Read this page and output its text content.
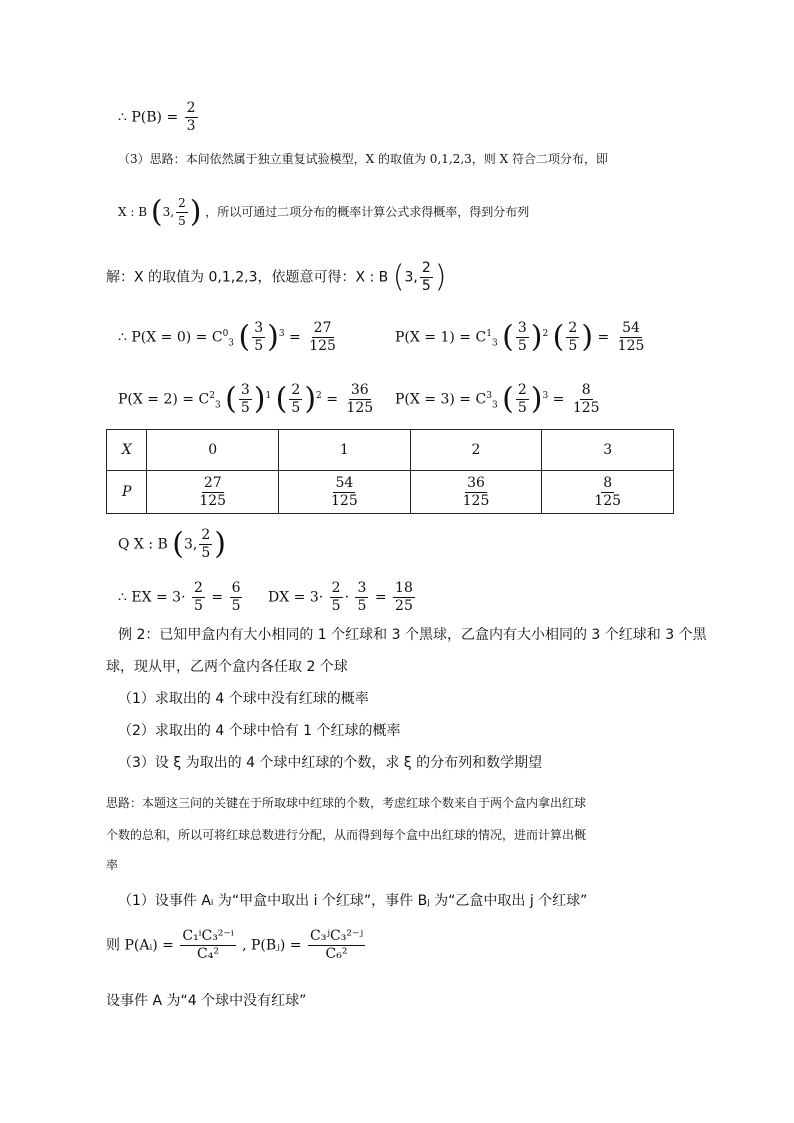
∴ $P(B) = \frac{2}{3}$
（3）思路：本问依然属于独立重复试验模型，X 的取值为 0,1,2,3，则 X 符合二项分布，即
X : B (3, $\frac{2}{5}$ ) ，所以可通过二项分布的概率计算公式求得概率，得到分布列
解：X 的取值为 0,1,2,3，依题意可得：X : B (3, $\frac{2}{5}$ )
∴ $P(X = 0) = C^0_3$ ( $\frac{3}{5} )^3 = \frac{27}{125}$	$P(X = 1) = C^1_3$ ( $\frac{3}{5} )^2$ ( $\frac{2}{5}$ ) = $\frac{54}{125}$
$P(X = 2) = C^2_3$ ( $\frac{3}{5} )^1$ ( $\frac{2}{5} )^2 = \frac{36}{125} P(X = 3) = C^3_3$ ( $\frac{2}{5} )^3 = \frac{8}{125}$
X	0	1	2	3
P	$\frac{27}{125}$	$\frac{54}{125}$	$\frac{36}{125}$	$\frac{8}{125}$
Q X : B (3, $\frac{2}{5}$ )
∴ EX = $3\cdot \frac{2}{5} = \frac{6}{5}$ DX = $3\cdot \frac{2}{5} \cdot \frac{3}{5} = \frac{18}{25}$
例 2：已知甲盒内有大小相同的 1 个红球和 3 个黑球，乙盒内有大小相同的 3 个红球和 3 个黑
球，现从甲，乙两个盒内各任取 2 个球
（1）求取出的 4 个球中没有红球的概率
（2）求取出的 4 个球中恰有 1 个红球的概率
（3）设 ξ 为取出的 4 个球中红球的个数，求 ξ 的分布列和数学期望
思路：本题这三问的关键在于所取球中红球的个数，考虑红球个数来自于两个盒内拿出红球
个数的总和，所以可将红球总数进行分配，从而得到每个盒中出红球的情况，进而计算出概
率
（1）设事件 Aᵢ 为“甲盒中取出 i 个红球”，事件 Bⱼ 为“乙盒中取出 j 个红球”
则 P(Aᵢ) = $\frac{\text{C₁ⁱC₃²⁻ⁱ}}{\text{C₄²}}$ , P(Bⱼ) = $\frac{\text{C₃ʲC₃²⁻ʲ}}{\text{C₆²}}$
设事件 A 为“4 个球中没有红球”
